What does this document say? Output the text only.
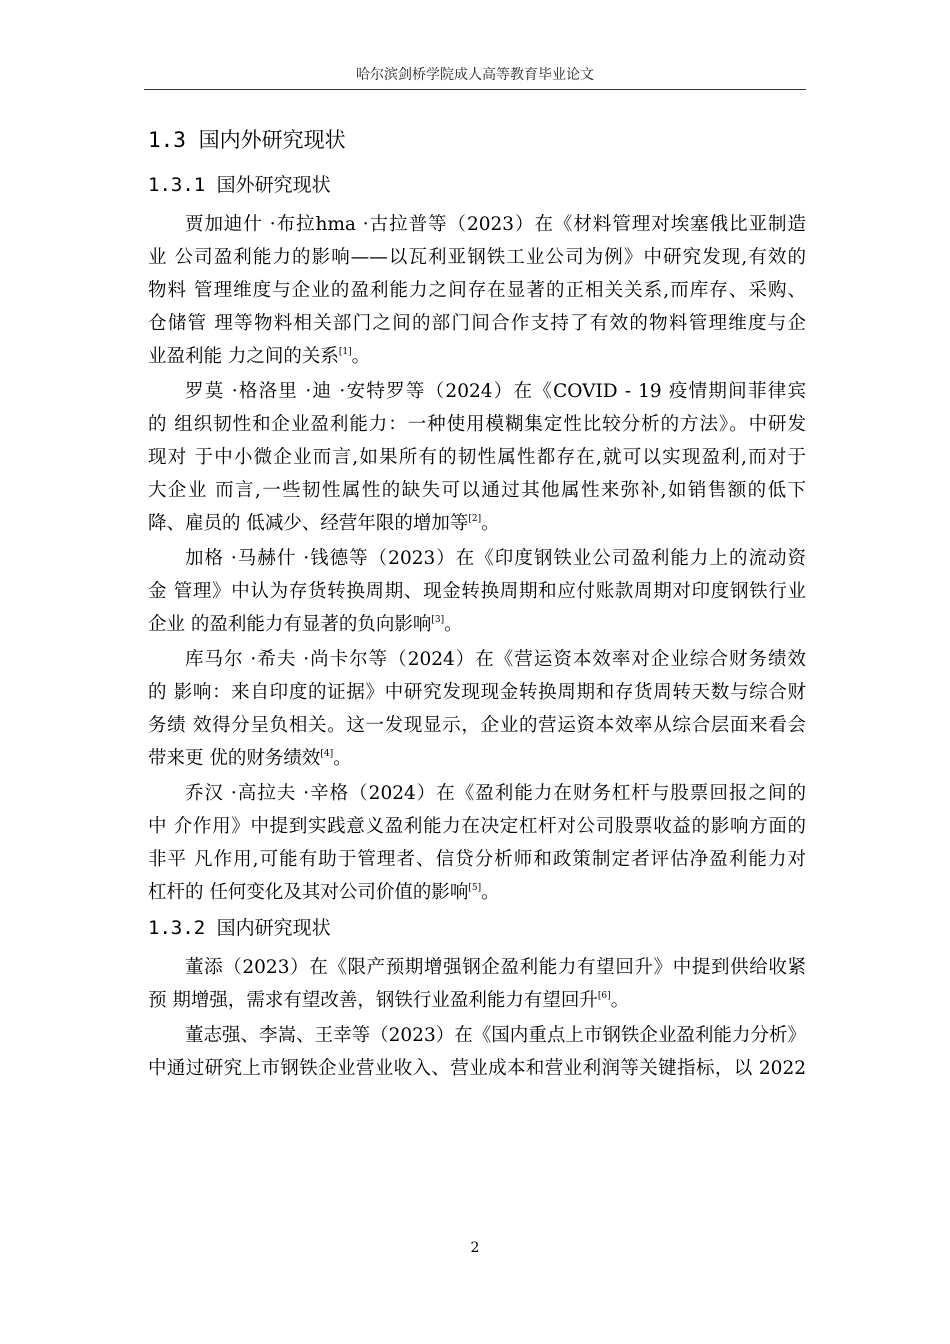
哈尔滨剑桥学院成人高等教育毕业论文
1.3 国内外研究现状
1.3.1 国外研究现状
贾加迪什 ·布拉hma ·古拉普等（2023）在《材料管理对埃塞俄比亚制造
业 公司盈利能力的影响——以瓦利亚钢铁工业公司为例》中研究发现,有效的
物料 管理维度与企业的盈利能力之间存在显著的正相关关系,而库存、采购、
仓储管 理等物料相关部门之间的部门间合作支持了有效的物料管理维度与企
业盈利能 力之间的关系[1]。
罗莫 ·格洛里 ·迪 ·安特罗等（2024）在《COVID - 19 疫情期间菲律宾
的 组织韧性和企业盈利能力：一种使用模糊集定性比较分析的方法》。中研发
现对 于中小微企业而言,如果所有的韧性属性都存在,就可以实现盈利,而对于
大企业 而言,一些韧性属性的缺失可以通过其他属性来弥补,如销售额的低下
降、雇员的 低减少、经营年限的增加等[2]。
加格 ·马赫什 ·钱德等（2023）在《印度钢铁业公司盈利能力上的流动资
金 管理》中认为存货转换周期、现金转换周期和应付账款周期对印度钢铁行业
企业 的盈利能力有显著的负向影响[3]。
库马尔 ·希夫 ·尚卡尔等（2024）在《营运资本效率对企业综合财务绩效
的 影响：来自印度的证据》中研究发现现金转换周期和存货周转天数与综合财
务绩 效得分呈负相关。这一发现显示，企业的营运资本效率从综合层面来看会
带来更 优的财务绩效[4]。
乔汉 ·高拉夫 ·辛格（2024）在《盈利能力在财务杠杆与股票回报之间的
中 介作用》中提到实践意义盈利能力在决定杠杆对公司股票收益的影响方面的
非平 凡作用,可能有助于管理者、信贷分析师和政策制定者评估净盈利能力对
杠杆的 任何变化及其对公司价值的影响[5]。
1.3.2 国内研究现状
董添（2023）在《限产预期增强钢企盈利能力有望回升》中提到供给收紧
预 期增强，需求有望改善，钢铁行业盈利能力有望回升[6]。
董志强、李嵩、王幸等（2023）在《国内重点上市钢铁企业盈利能力分析》
中通过研究上市钢铁企业营业收入、营业成本和营业利润等关键指标，以 2022
2
